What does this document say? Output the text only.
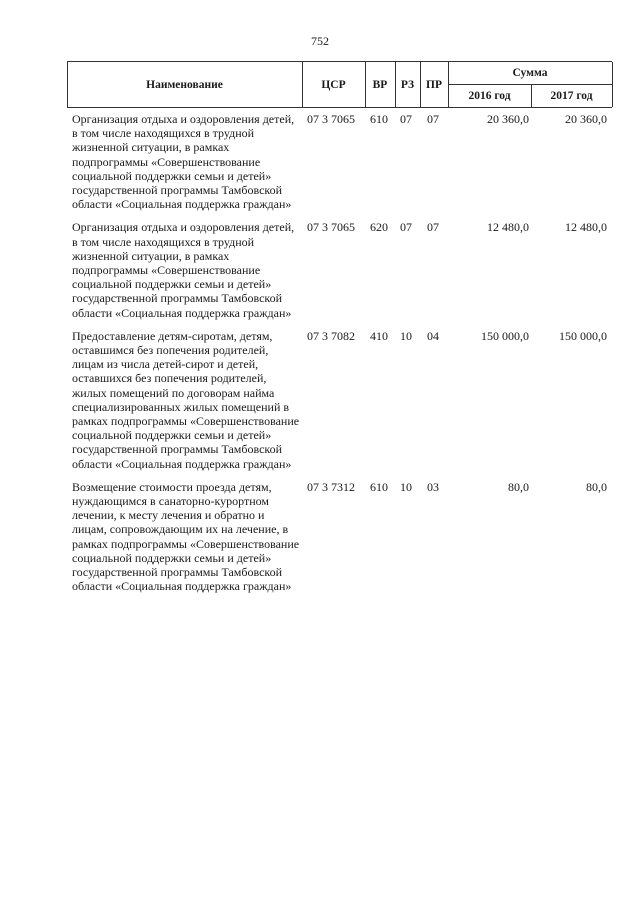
752
Наименование	ЦСР	ВР	РЗ	ПР
Сумма
2016 год	2017 год
Организация отдыха и оздоровления детей, в том числе находящихся в трудной жизненной ситуации, в рамках подпрограммы «Совершенствование социальной поддержки семьи и детей» государственной программы Тамбовской области «Социальная поддержка граждан»
07 3 7065	610	07	07	20 360,0	20 360,0
Организация отдыха и оздоровления детей, в том числе находящихся в трудной жизненной ситуации, в рамках подпрограммы «Совершенствование социальной поддержки семьи и детей» государственной программы Тамбовской области «Социальная поддержка граждан»
07 3 7065	620	07	07	12 480,0	12 480,0
Предоставление детям-сиротам, детям, оставшимся без попечения родителей, лицам из числа детей-сирот и детей, оставшихся без попечения родителей, жилых помещений по договорам найма специализированных жилых помещений в рамках подпрограммы «Совершенствование социальной поддержки семьи и детей» государственной программы Тамбовской области «Социальная поддержка граждан»
07 3 7082	410	10	04	150 000,0	150 000,0
Возмещение стоимости проезда детям, нуждающимся в санаторно-курортном лечении, к месту лечения и обратно и лицам, сопровождающим их на лечение, в рамках подпрограммы «Совершенствование социальной поддержки семьи и детей» государственной программы Тамбовской области «Социальная поддержка граждан»
07 3 7312	610	10	03	80,0	80,0
